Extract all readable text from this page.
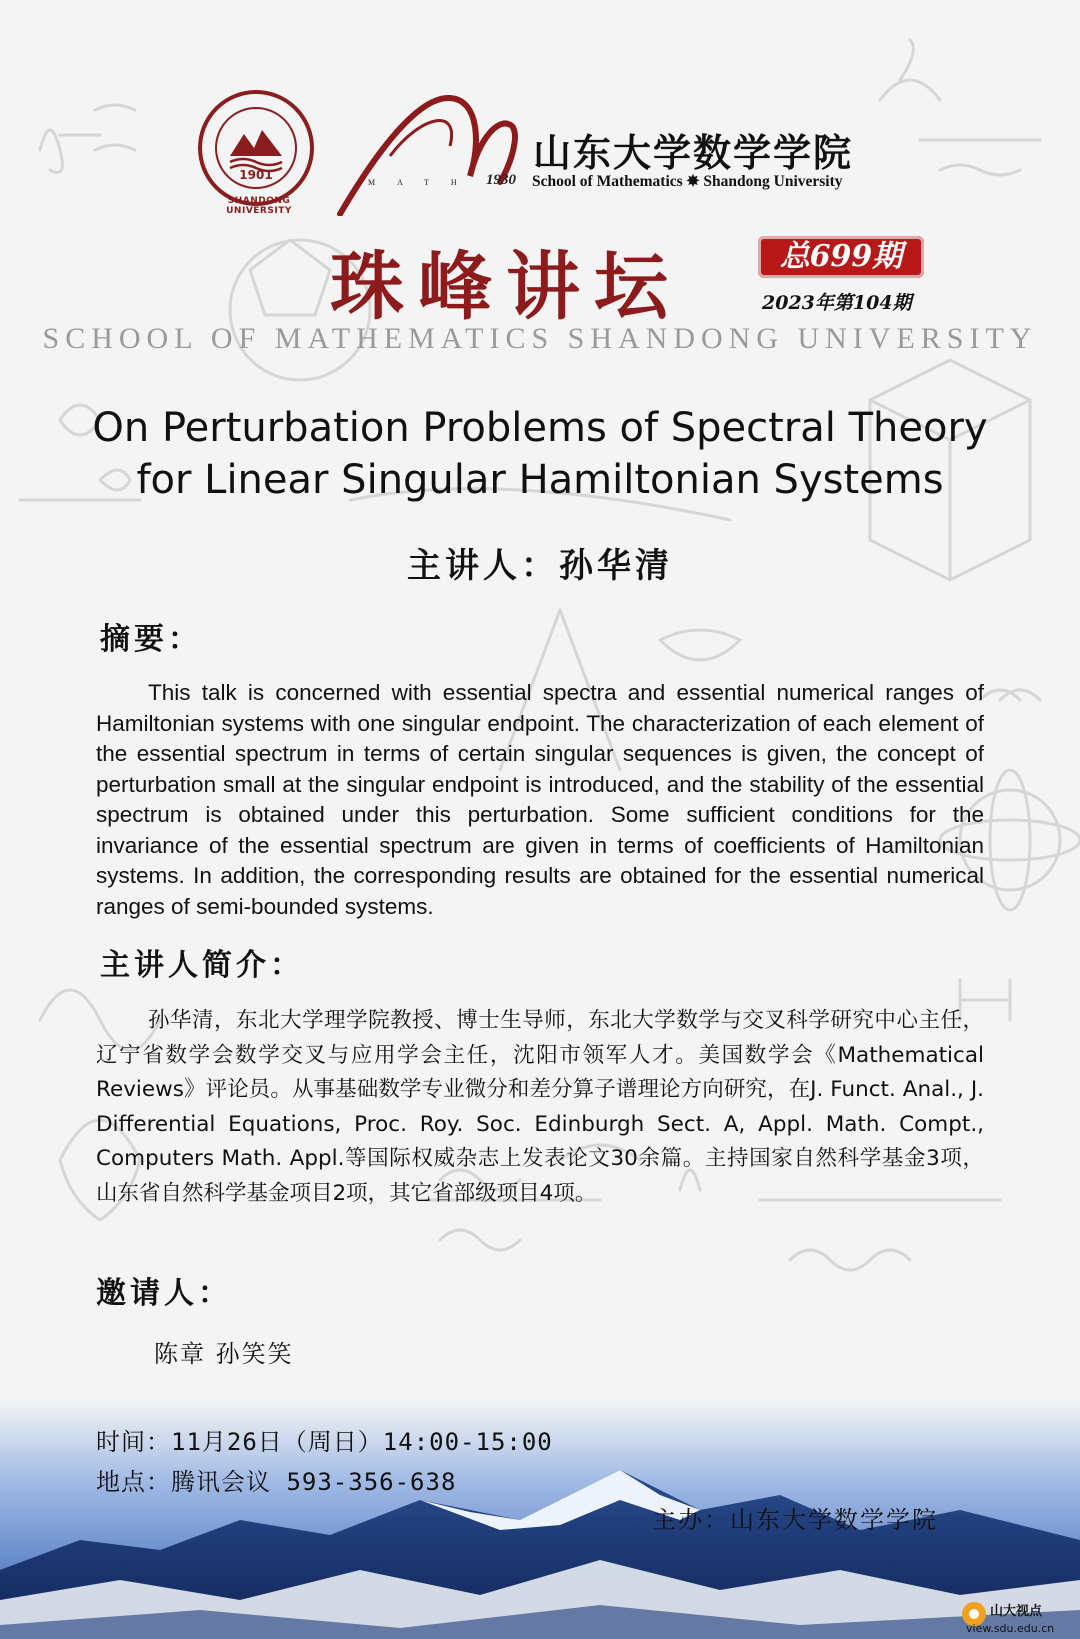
1901
SHANDONG UNIVERSITY
MATH 1930
山东大学数学学院
School of Mathematics ✸ Shandong University
珠峰讲坛	总699期
2023年第104期
SCHOOL OF MATHEMATICS SHANDONG UNIVERSITY
On Perturbation Problems of Spectral Theory
for Linear Singular Hamiltonian Systems
主讲人：孙华清
摘要：
This talk is concerned with essential spectra and essential numerical ranges of Hamiltonian systems with one singular endpoint. The characterization of each element of the essential spectrum in terms of certain singular sequences is given, the concept of perturbation small at the singular endpoint is introduced, and the stability of the essential spectrum is obtained under this perturbation. Some sufficient conditions for the invariance of the essential spectrum are given in terms of coefficients of Hamiltonian systems. In addition, the corresponding results are obtained for the essential numerical ranges of semi-bounded systems.
主讲人简介：
孙华清，东北大学理学院教授、博士生导师，东北大学数学与交叉科学研究中心主任，辽宁省数学会数学交叉与应用学会主任，沈阳市领军人才。美国数学会《Mathematical Reviews》评论员。从事基础数学专业微分和差分算子谱理论方向研究，在J. Funct. Anal., J. Differential Equations, Proc. Roy. Soc. Edinburgh Sect. A, Appl. Math. Compt., Computers Math. Appl.等国际权威杂志上发表论文30余篇。主持国家自然科学基金3项，山东省自然科学基金项目2项，其它省部级项目4项。
邀请人：
陈章 孙笑笑
时间：11月26日（周日）14:00-15:00
地点：腾讯会议 593-356-638
主办：山东大学数学学院
山大视点
view.sdu.edu.cn
